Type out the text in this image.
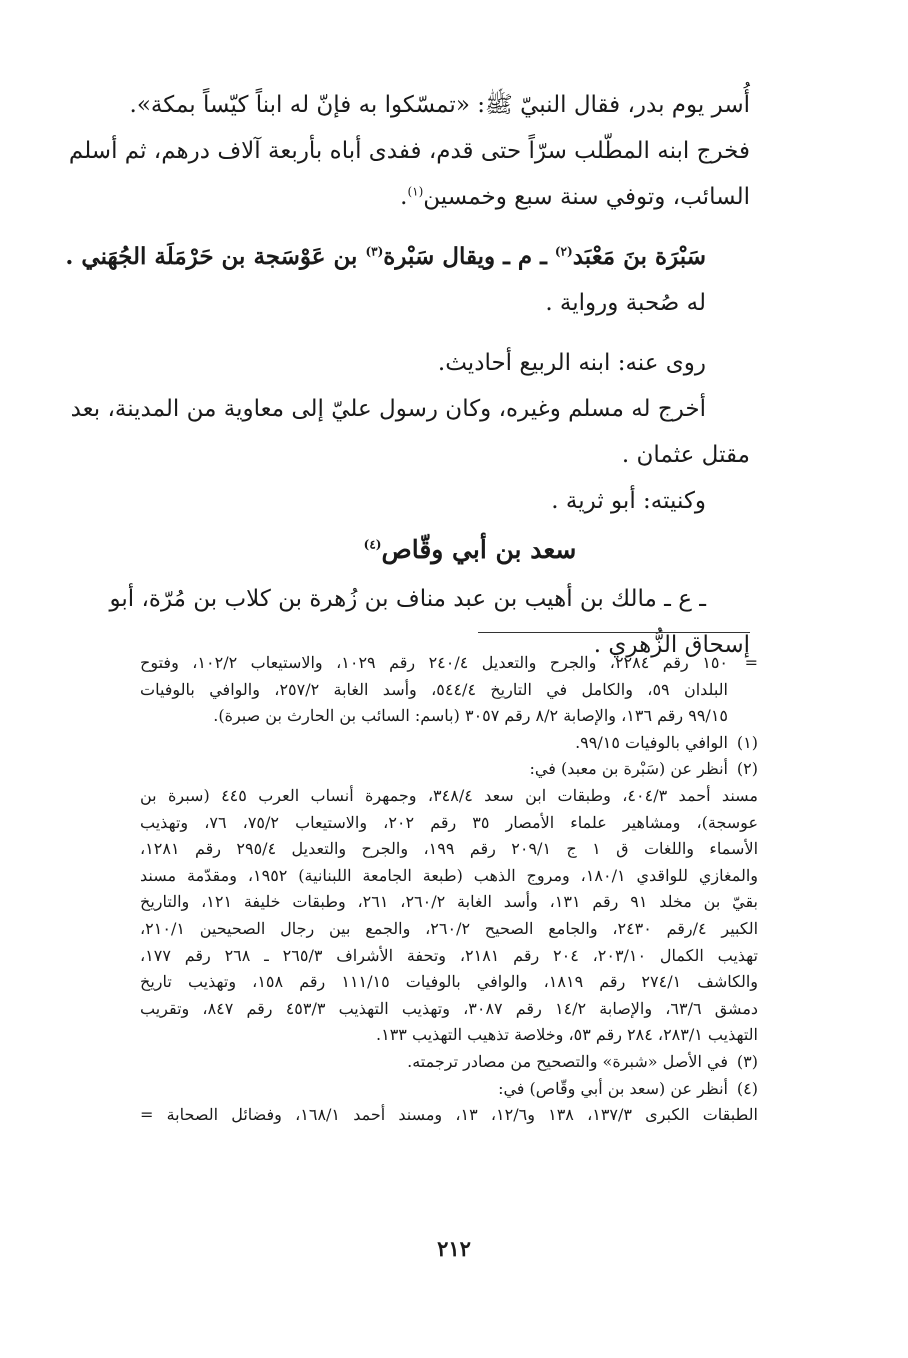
أُسر يوم بدر، فقال النبيّ ﷺ: «تمسّكوا به فإنّ له ابناً كيّساً بمكة».
فخرج ابنه المطّلب سرّاً حتى قدم، ففدى أباه بأربعة آلاف درهم، ثم أسلم
السائب، وتوفي سنة سبع وخمسين$^{(١)}$.
سَبْرَة بنَ مَعْبَد$^{(٢)}$ ـ م ـ ويقال سَبْرة$^{(٣)}$ بن عَوْسَجة بن حَرْمَلَة الجُهَني .
له صُحبة ورواية .
روى عنه: ابنه الربيع أحاديث.
أخرج له مسلم وغيره، وكان رسول عليّ إلى معاوية من المدينة، بعد
مقتل عثمان .
وكنيته: أبو ثرية .
سعد بن أبي وقّاص$^{(٤)}$
ـ ع ـ مالك بن أهيب بن عبد مناف بن زُهرة بن كلاب بن مُرّة، أبو
إسحاق الزُّهري .
=١٥٠ رقم ٢٢٨٤، والجرح والتعديل ٢٤٠/٤ رقم ١٠٢٩، والاستيعاب ١٠٢/٢، وفتوح
البلدان ٥٩، والكامل في التاريخ ٥٤٤/٤، وأسد الغابة ٢٥٧/٢، والوافي بالوفيات
٩٩/١٥ رقم ١٣٦، والإصابة ٨/٢ رقم ٣٠٥٧ (باسم: السائب بن الحارث بن صبرة).
(١)الوافي بالوفيات ٩٩/١٥.
(٢)أنظر عن (سَبْرة بن معبد) في:
مسند أحمد ٤٠٤/٣، وطبقات ابن سعد ٣٤٨/٤، وجمهرة أنساب العرب ٤٤٥ (سبرة بن
عوسجة)، ومشاهير علماء الأمصار ٣٥ رقم ٢٠٢، والاستيعاب ٧٥/٢، ٧٦، وتهذيب
الأسماء واللغات ق ١ ج ٢٠٩/١ رقم ١٩٩، والجرح والتعديل ٢٩٥/٤ رقم ١٢٨١،
والمغازي للواقدي ١٨٠/١، ومروج الذهب (طبعة الجامعة اللبنانية) ١٩٥٢، ومقدّمة مسند
بقيّ بن مخلد ٩١ رقم ١٣١، وأسد الغابة ٢٦٠/٢، ٢٦١، وطبقات خليفة ١٢١، والتاريخ
الكبير ٤/رقم ٢٤٣٠، والجامع الصحيح ٢٦٠/٢، والجمع بين رجال الصحيحين ٢١٠/١،
تهذيب الكمال ٢٠٣/١٠، ٢٠٤ رقم ٢١٨١، وتحفة الأشراف ٢٦٥/٣ ـ ٢٦٨ رقم ١٧٧،
والكاشف ٢٧٤/١ رقم ١٨١٩، والوافي بالوفيات ١١١/١٥ رقم ١٥٨، وتهذيب تاريخ
دمشق ٦٣/٦، والإصابة ١٤/٢ رقم ٣٠٨٧، وتهذيب التهذيب ٤٥٣/٣ رقم ٨٤٧، وتقريب
التهذيب ٢٨٣/١، ٢٨٤ رقم ٥٣، وخلاصة تذهيب التهذيب ١٣٣.
(٣)في الأصل «شبرة» والتصحيح من مصادر ترجمته.
(٤)أنظر عن (سعد بن أبي وقّاص) في:
الطبقات الكبرى ١٣٧/٣، ١٣٨ و١٢/٦، ١٣، ومسند أحمد ١٦٨/١، وفضائل الصحابة =
٢١٢
